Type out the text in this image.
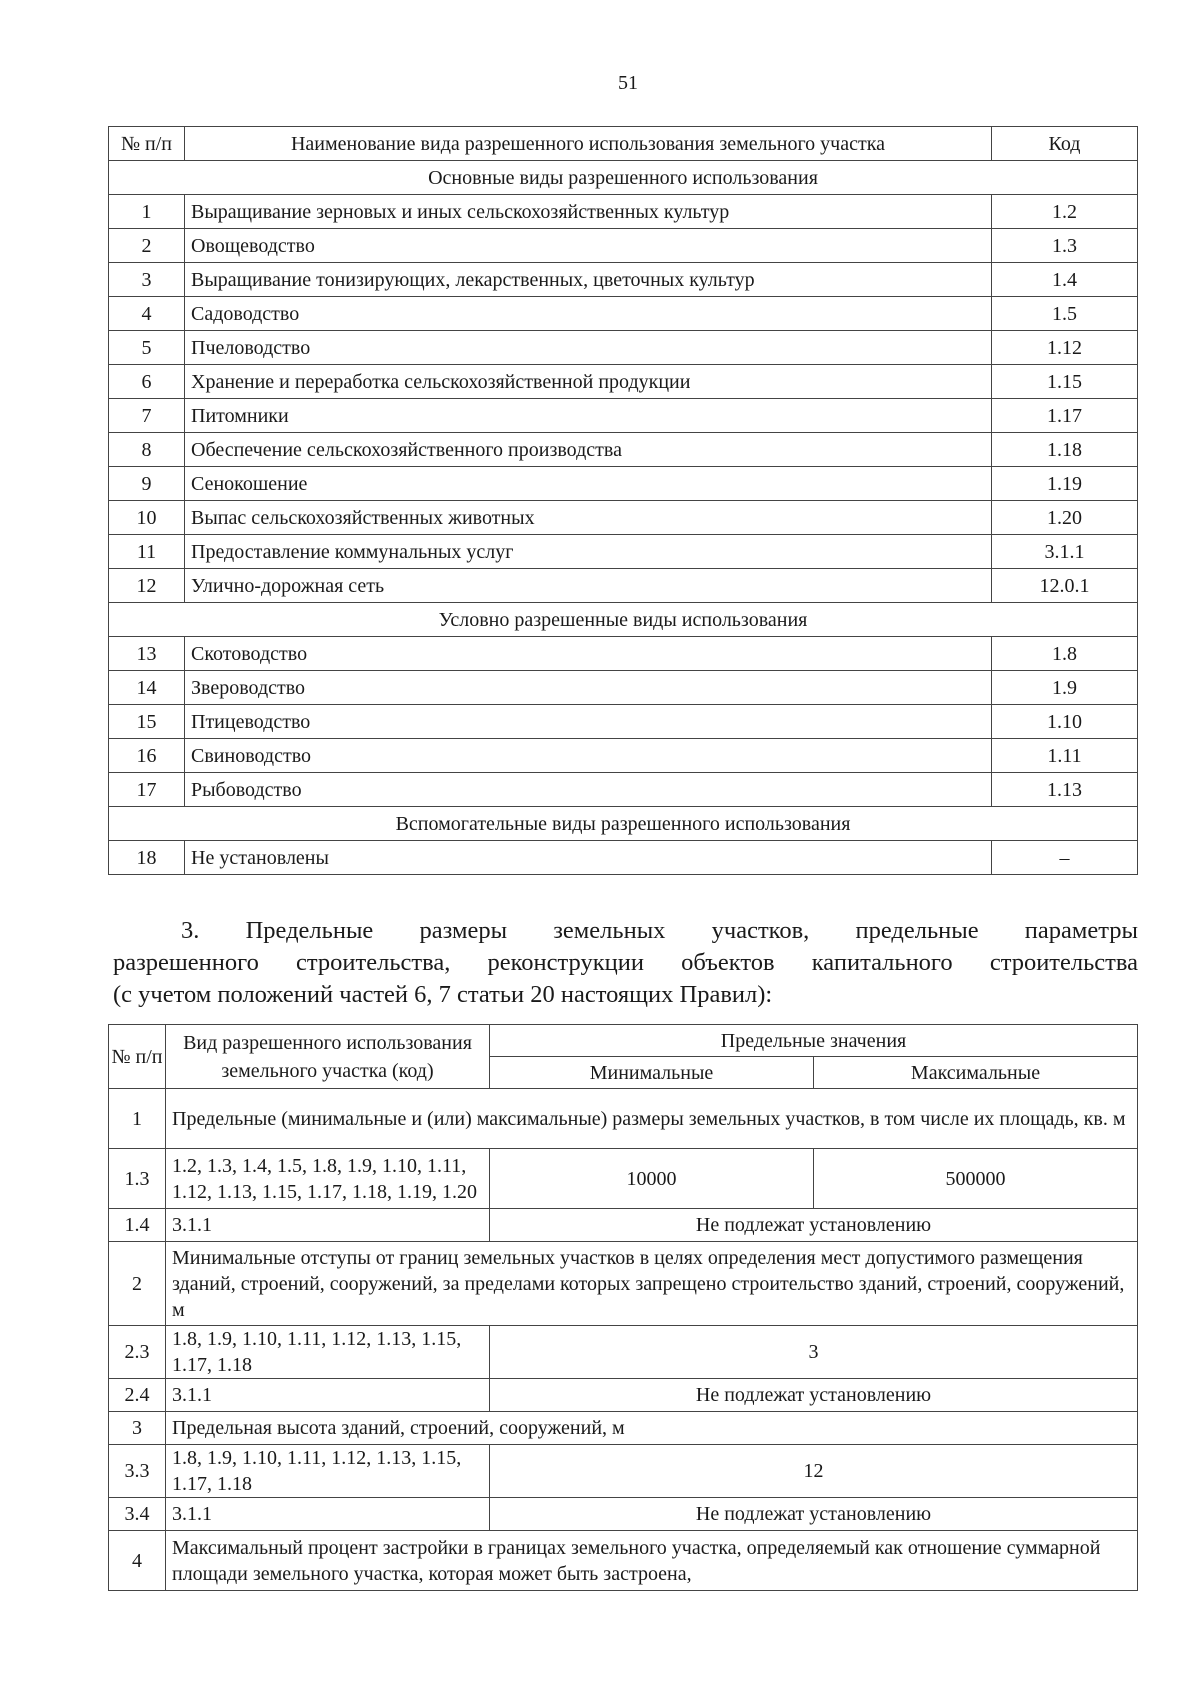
51
№ п/п	Наименование вида разрешенного использования земельного участка	Код
Основные виды разрешенного использования		
1	Выращивание зерновых и иных сельскохозяйственных культур	1.2
2	Овощеводство	1.3
3	Выращивание тонизирующих, лекарственных, цветочных культур	1.4
4	Садоводство	1.5
5	Пчеловодство	1.12
6	Хранение и переработка сельскохозяйственной продукции	1.15
7	Питомники	1.17
8	Обеспечение сельскохозяйственного производства	1.18
9	Сенокошение	1.19
10	Выпас сельскохозяйственных животных	1.20
11	Предоставление коммунальных услуг	3.1.1
12	Улично-дорожная сеть	12.0.1
Условно разрешенные виды использования		
13	Скотоводство	1.8
14	Звероводство	1.9
15	Птицеводство	1.10
16	Свиноводство	1.11
17	Рыбоводство	1.13
Вспомогательные виды разрешенного использования		
18	Не установлены	–
3. Предельные размеры земельных участков, предельные параметры
разрешенного строительства, реконструкции объектов капитального строительства
(с учетом положений частей 6, 7 статьи 20 настоящих Правил):
№ п/п	Вид разрешенного использования земельного участка (код)	Предельные значения	
		Минимальные	Максимальные
1	Предельные (минимальные и (или) максимальные) размеры земельных участков, в том числе их площадь, кв. м		
1.3	1.2, 1.3, 1.4, 1.5, 1.8, 1.9, 1.10, 1.11, 1.12, 1.13, 1.15, 1.17, 1.18, 1.19, 1.20	10000	500000
1.4	3.1.1	Не подлежат установлению	
2	Минимальные отступы от границ земельных участков в целях определения мест допустимого размещения зданий, строений, сооружений, за пределами которых запрещено строительство зданий, строений, сооружений, м		
2.3	1.8, 1.9, 1.10, 1.11, 1.12, 1.13, 1.15, 1.17, 1.18	3	
2.4	3.1.1	Не подлежат установлению	
3	Предельная высота зданий, строений, сооружений, м		
3.3	1.8, 1.9, 1.10, 1.11, 1.12, 1.13, 1.15, 1.17, 1.18	12	
3.4	3.1.1	Не подлежат установлению	
4	Максимальный процент застройки в границах земельного участка, определяемый как отношение суммарной площади земельного участка, которая может быть застроена,		
